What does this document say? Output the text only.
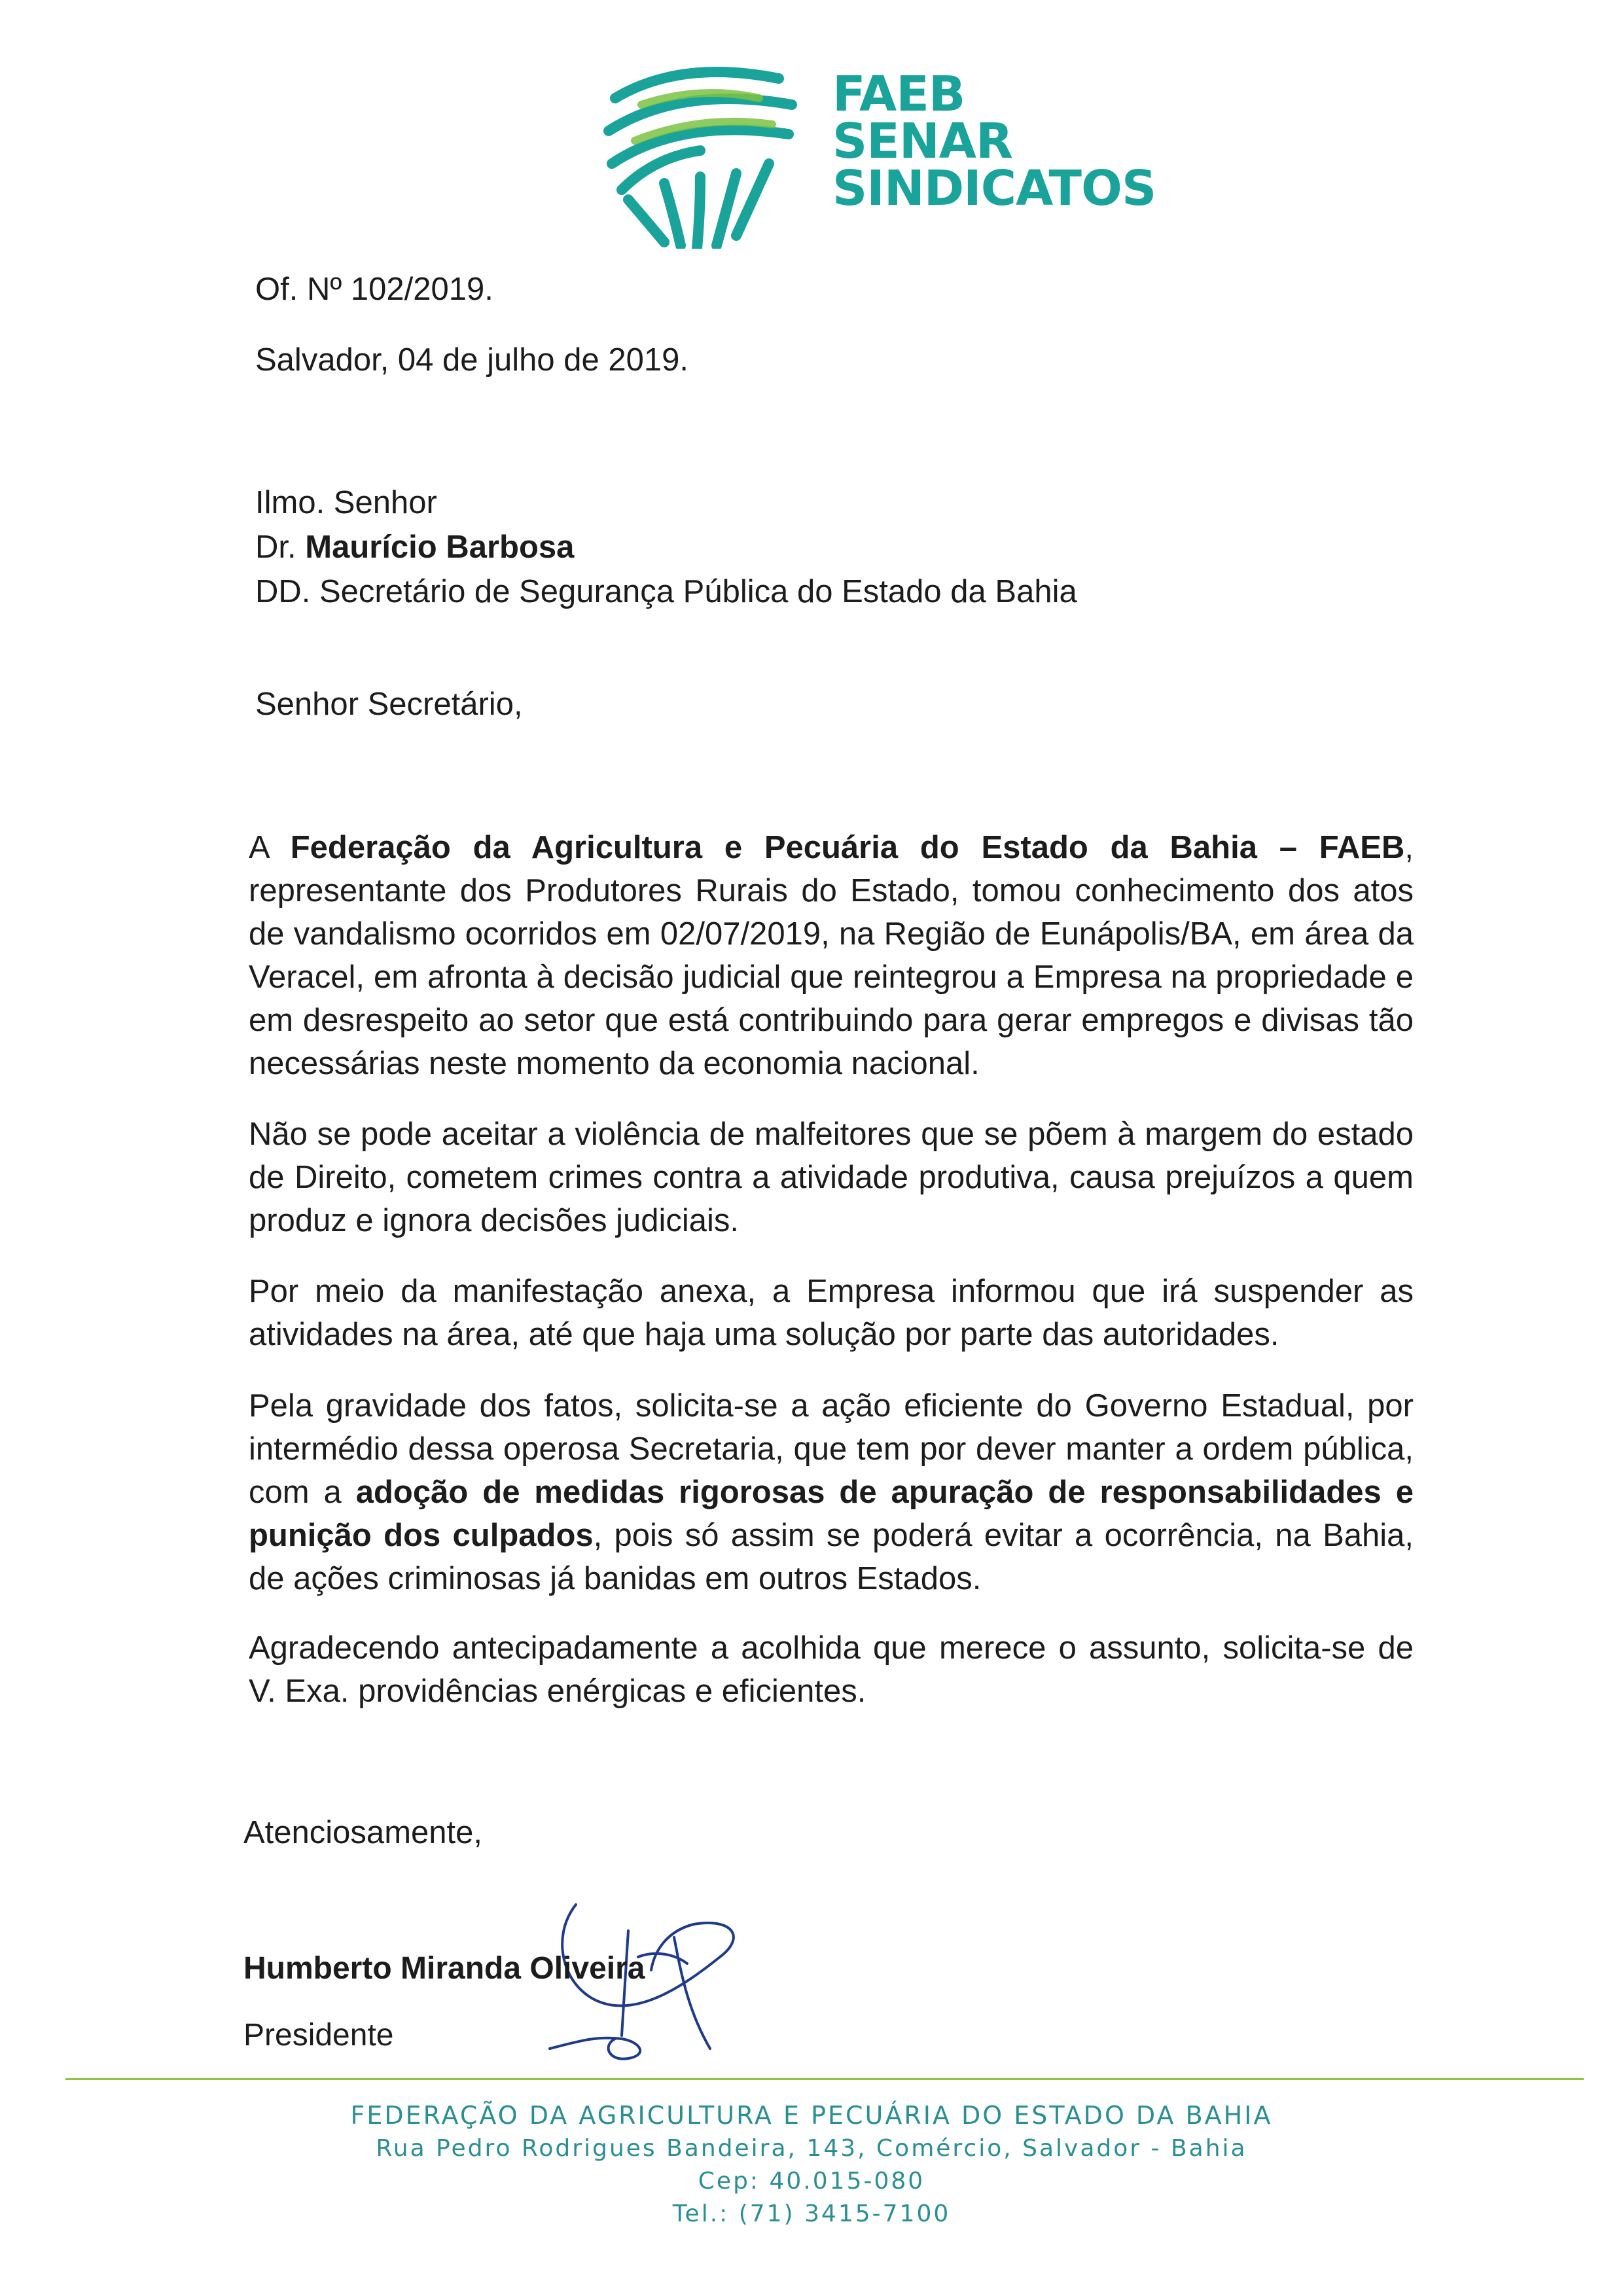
FAEB
SENAR
SINDICATOS
Of. Nº 102/2019.
Salvador, 04 de julho de 2019.
Ilmo. Senhor
Dr. Maurício Barbosa
DD. Secretário de Segurança Pública do Estado da Bahia
Senhor Secretário,

A Federação da Agricultura e Pecuária do Estado da Bahia – FAEB, representante dos Produtores Rurais do Estado, tomou conhecimento dos atos de vandalismo ocorridos em 02/07/2019, na Região de Eunápolis/BA, em área da Veracel, em afronta à decisão judicial que reintegrou a Empresa na propriedade e em desrespeito ao setor que está contribuindo para gerar empregos e divisas tão necessárias neste momento da economia nacional.

Não se pode aceitar a violência de malfeitores que se põem à margem do estado de Direito, cometem crimes contra a atividade produtiva, causa prejuízos a quem produz e ignora decisões judiciais.

Por meio da manifestação anexa, a Empresa informou que irá suspender as atividades na área, até que haja uma solução por parte das autoridades.

Pela gravidade dos fatos, solicita-se a ação eficiente do Governo Estadual, por intermédio dessa operosa Secretaria, que tem por dever manter a ordem pública, com a adoção de medidas rigorosas de apuração de responsabilidades e punição dos culpados, pois só assim se poderá evitar a ocorrência, na Bahia, de ações criminosas já banidas em outros Estados.

Agradecendo antecipadamente a acolhida que merece o assunto, solicita-se de V. Exa. providências enérgicas e eficientes.

Atenciosamente,
Humberto Miranda Oliveira
Presidente
FEDERAÇÃO DA AGRICULTURA E PECUÁRIA DO ESTADO DA BAHIA
Rua Pedro Rodrigues Bandeira, 143, Comércio, Salvador - Bahia
Cep: 40.015-080
Tel.: (71) 3415-7100
